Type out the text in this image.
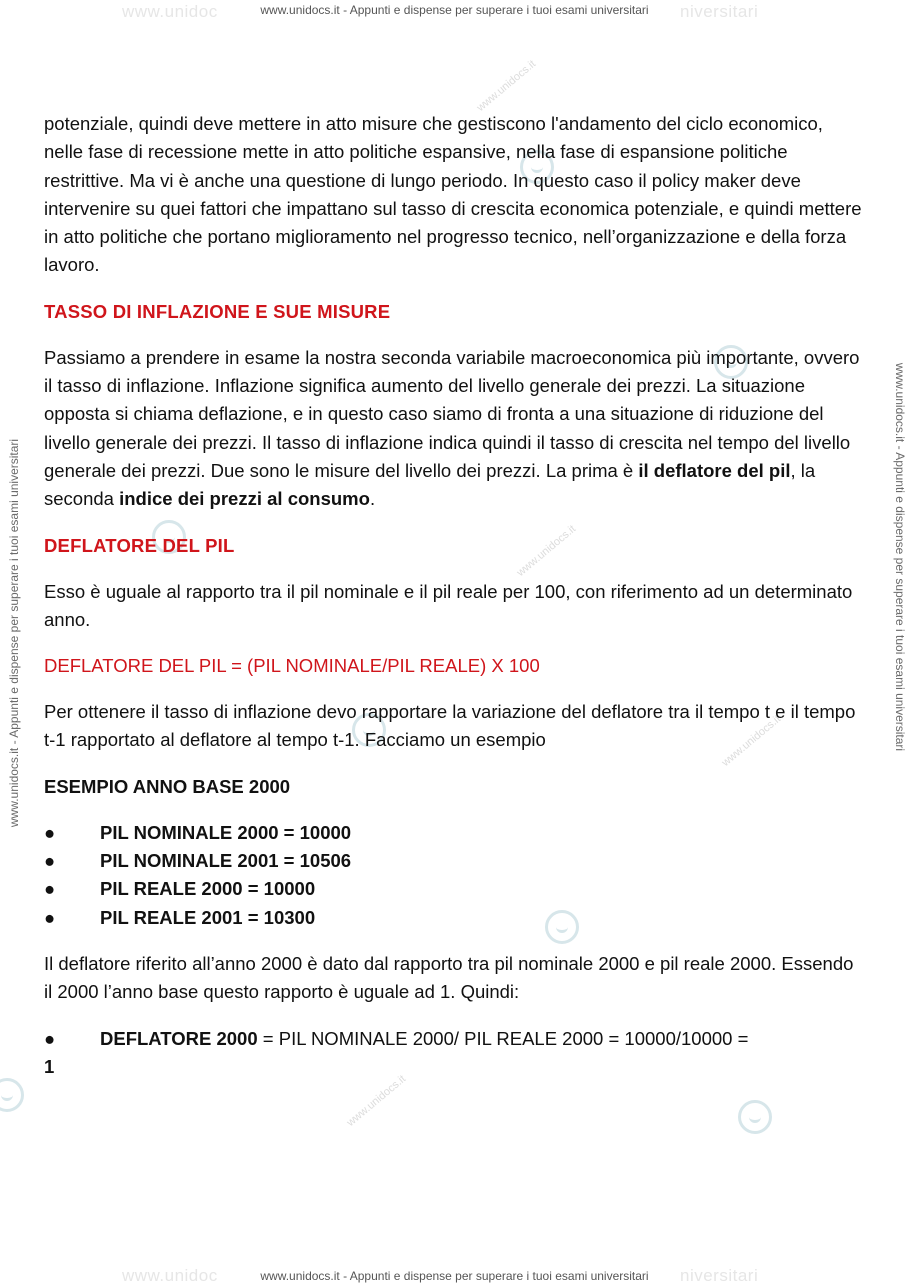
www.unidoc	niversitari
www.unidocs.it - Appunti e dispense per superare i tuoi esami universitari
www.unidoc	niversitari
www.unidocs.it - Appunti e dispense per superare i tuoi esami universitari
www.unidocs.it - Appunti e dispense per superare i tuoi esami universitari	www.unidocs.it - Appunti e dispense per superare i tuoi esami universitari
www.unidocs.it
www.unidocs.it
www.unidocs.it
www.unidocs.it

potenziale, quindi deve mettere in atto misure che gestiscono l'andamento del ciclo economico, nelle fase di recessione mette in atto politiche espansive, nella fase di espansione politiche restrittive. Ma vi è anche una questione di lungo periodo. In questo caso il policy maker deve intervenire su quei fattori che impattano sul tasso di crescita economica potenziale, e quindi mettere in atto politiche che portano miglioramento nel progresso tecnico, nell’organizzazione e della forza lavoro.

TASSO DI INFLAZIONE E SUE MISURE

Passiamo a prendere in esame la nostra seconda variabile macroeconomica più importante, ovvero il tasso di inflazione. Inflazione significa aumento del livello generale dei prezzi. La situazione opposta si chiama deflazione, e in questo caso siamo di fronta a una situazione di riduzione del livello generale dei prezzi. Il tasso di inflazione indica quindi il tasso di crescita nel tempo del livello generale dei prezzi. Due sono le misure del livello dei prezzi. La prima è il deflatore del pil, la seconda indice dei prezzi al consumo.

DEFLATORE DEL PIL

Esso è uguale al rapporto tra il pil nominale e il pil reale per 100, con riferimento ad un determinato anno.

DEFLATORE DEL PIL = (PIL NOMINALE/PIL REALE) X 100

Per ottenere il tasso di inflazione devo rapportare la variazione del deflatore tra il tempo t e il tempo t-1 rapportato al deflatore al tempo t-1. Facciamo un esempio

ESEMPIO ANNO BASE 2000
● PIL NOMINALE 2000 = 10000
● PIL NOMINALE 2001 = 10506
● PIL REALE 2000 = 10000
● PIL REALE 2001 = 10300

Il deflatore riferito all’anno 2000 è dato dal rapporto tra pil nominale 2000 e pil reale 2000. Essendo il 2000 l’anno base questo rapporto è uguale ad 1. Quindi:

● DEFLATORE 2000 = PIL NOMINALE 2000/ PIL REALE 2000 = 10000/10000 =
1
